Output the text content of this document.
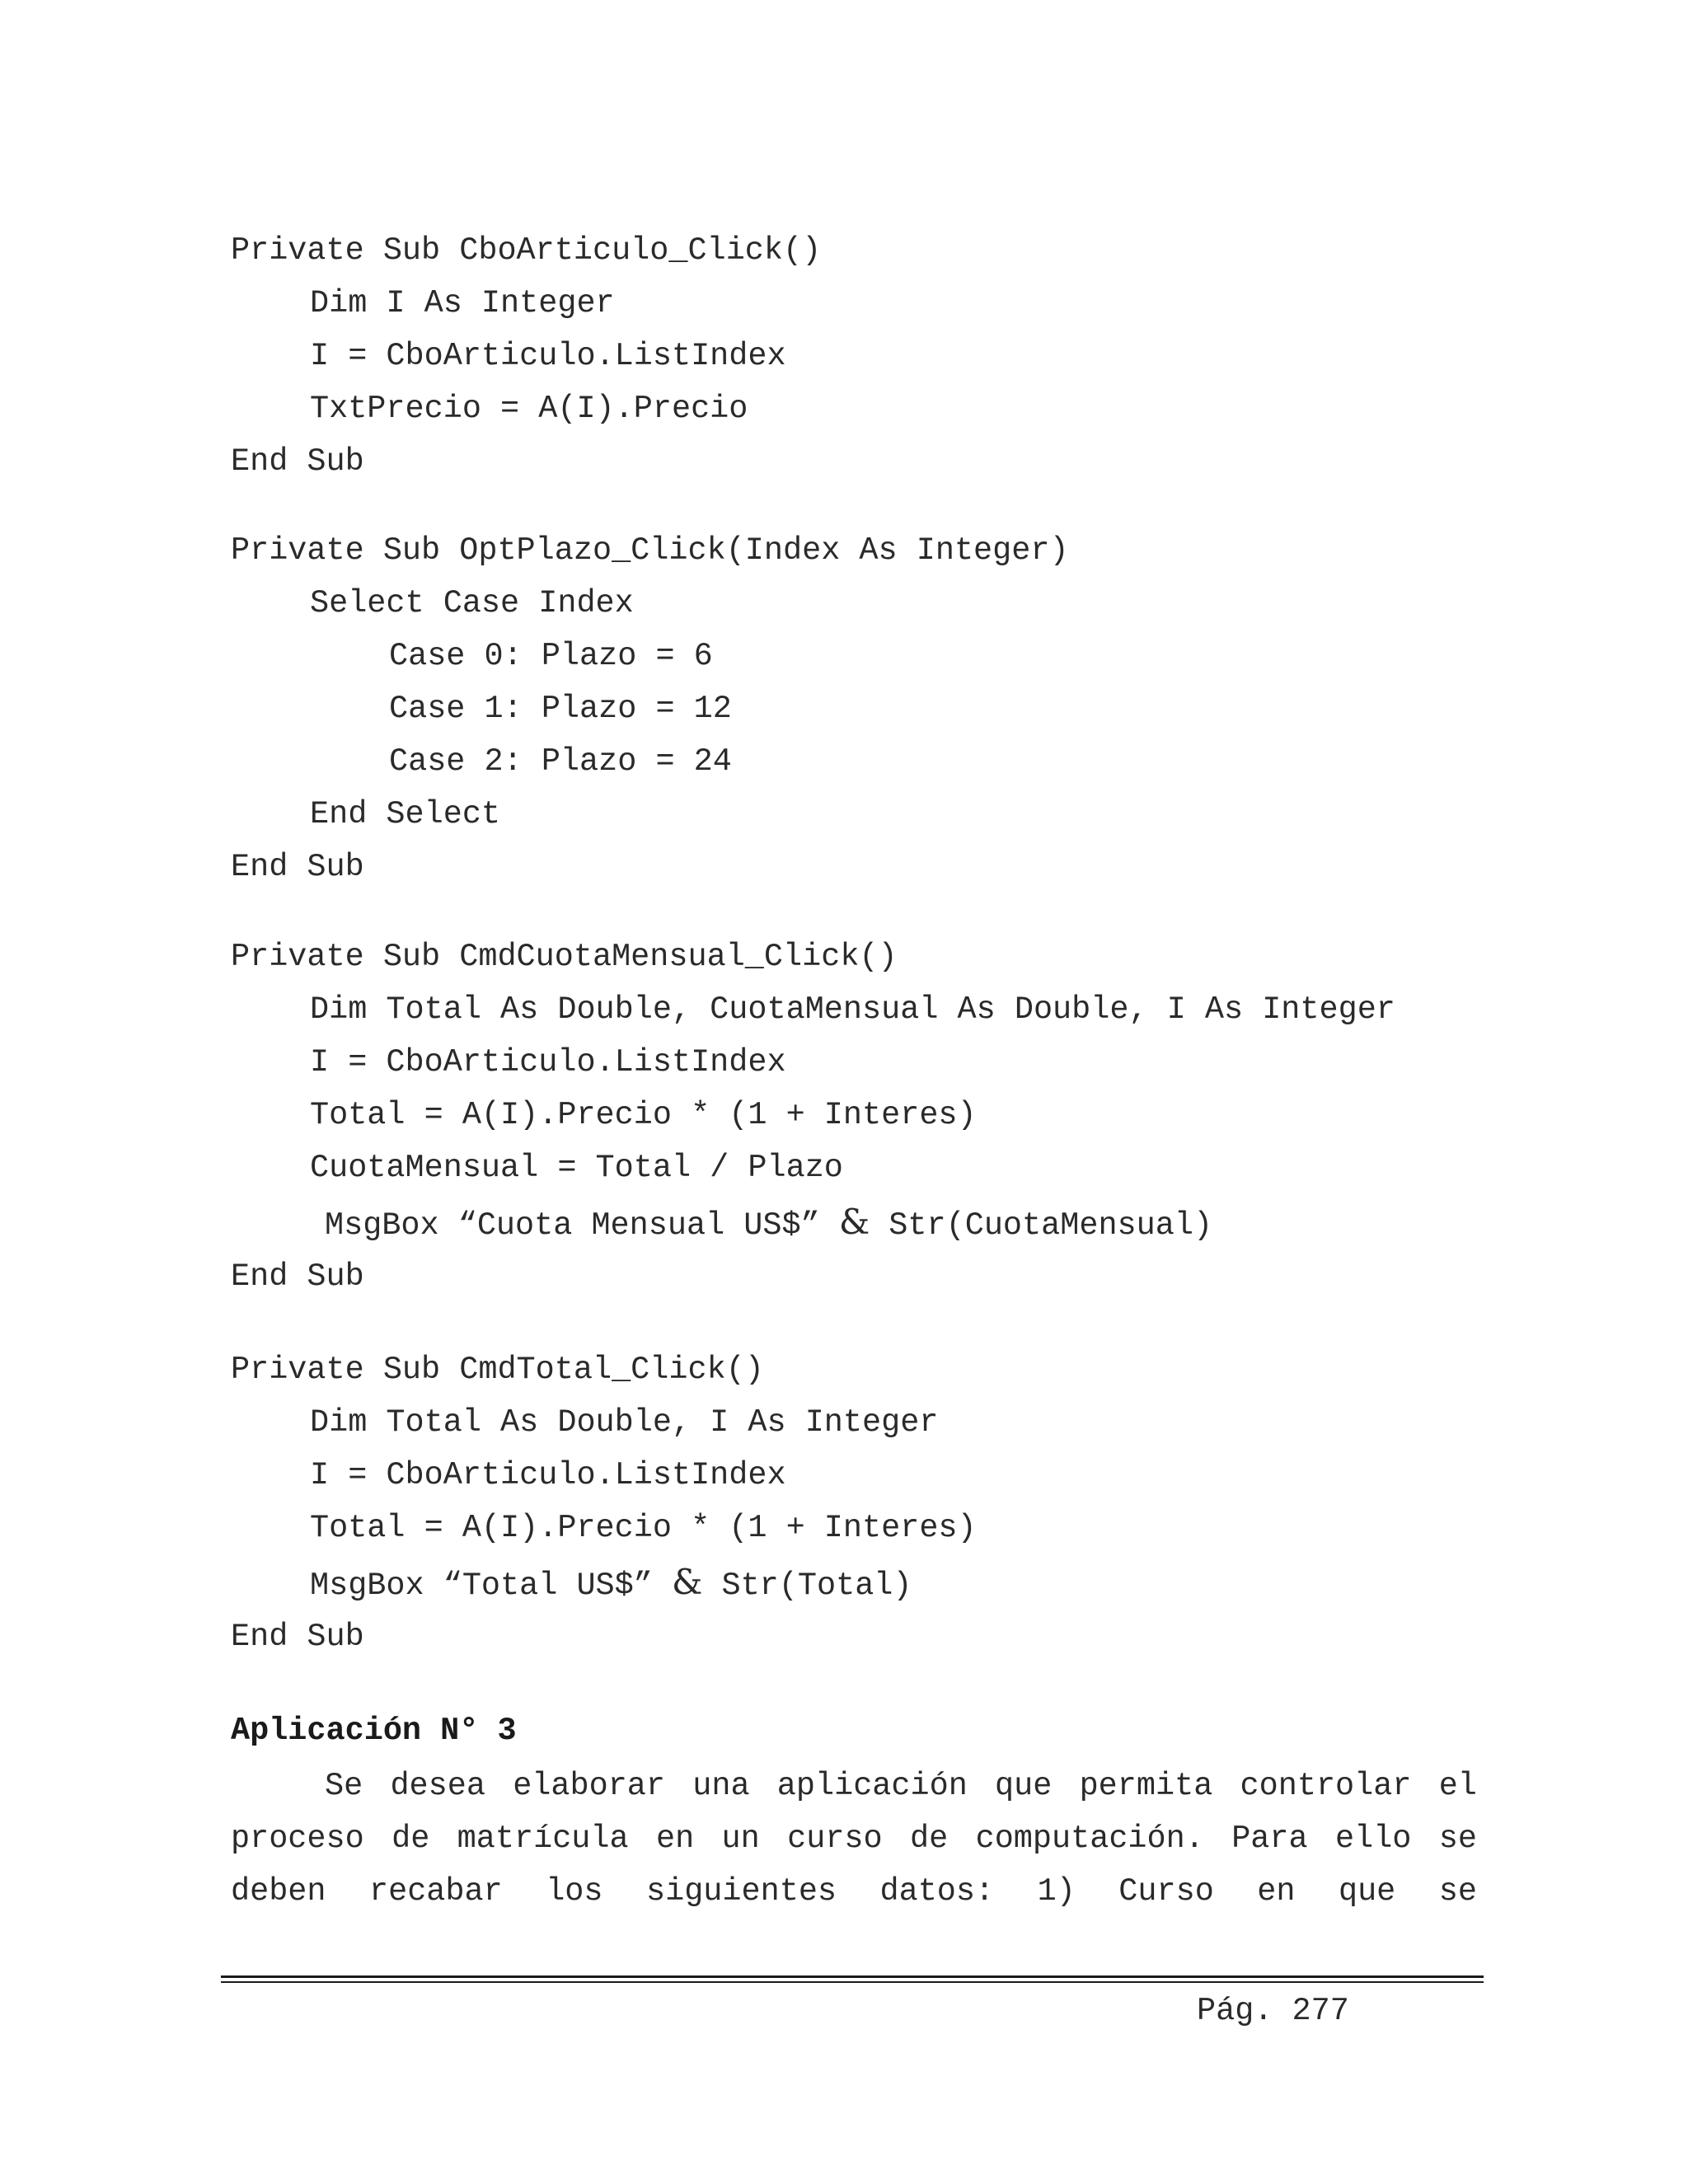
Private Sub CboArticulo_Click()
Dim I As Integer
I = CboArticulo.ListIndex
TxtPrecio = A(I).Precio
End Sub
Private Sub OptPlazo_Click(Index As Integer)
Select Case Index
Case 0: Plazo = 6
Case 1: Plazo = 12
Case 2: Plazo = 24
End Select
End Sub
Private Sub CmdCuotaMensual_Click()
Dim Total As Double, CuotaMensual As Double, I As Integer
I = CboArticulo.ListIndex
Total = A(I).Precio * (1 + Interes)
CuotaMensual = Total / Plazo
MsgBox “Cuota Mensual US$” & Str(CuotaMensual)
End Sub
Private Sub CmdTotal_Click()
Dim Total As Double, I As Integer
I = CboArticulo.ListIndex
Total = A(I).Precio * (1 + Interes)
MsgBox “Total US$” & Str(Total)
End Sub
Aplicación N° 3
Se desea elaborar una aplicación que permita controlar el
proceso de matrícula en un curso de computación. Para ello se
deben recabar los siguientes datos: 1) Curso en que se
Pág. 277
